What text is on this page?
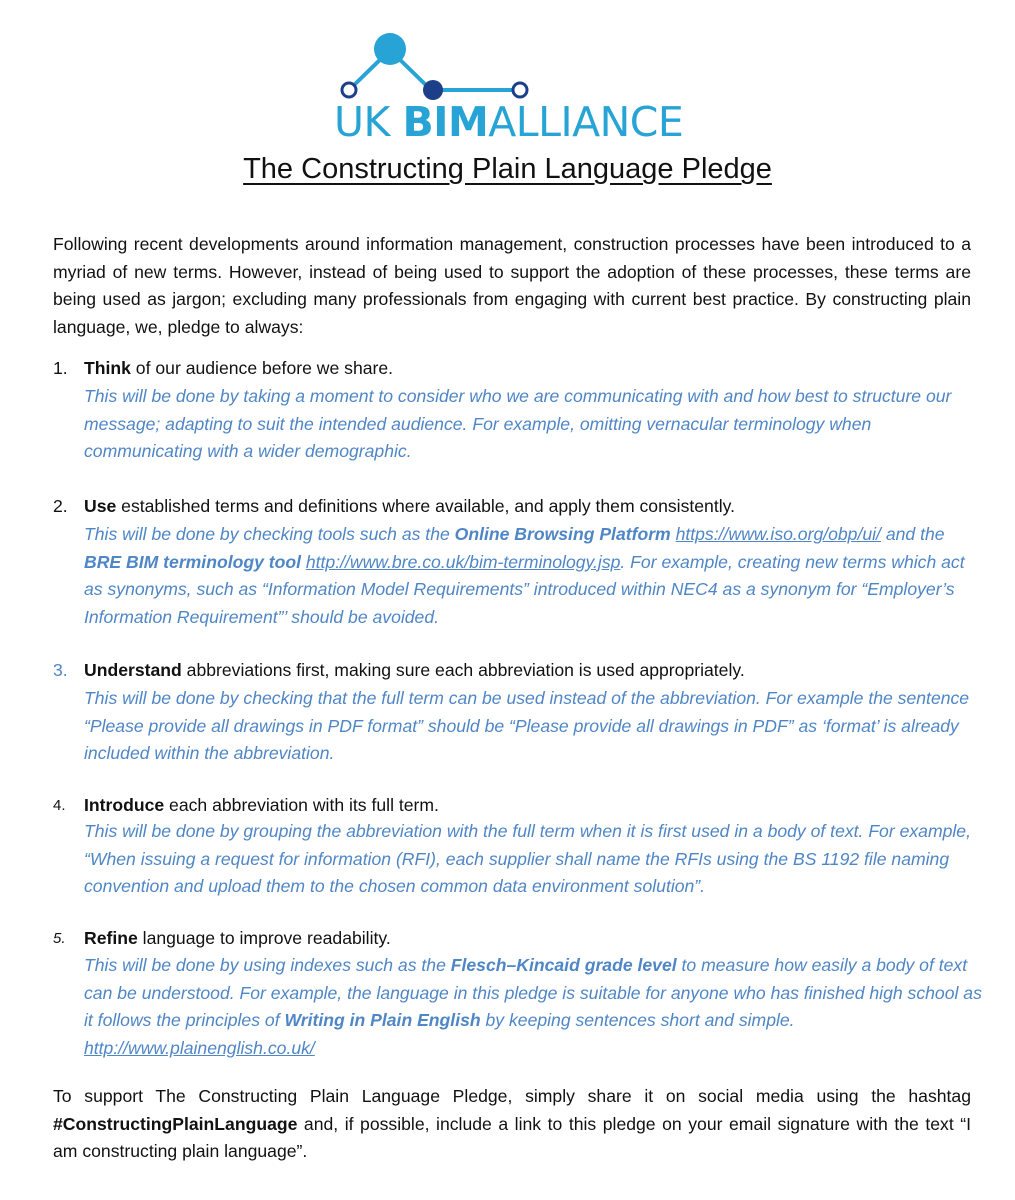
UK BIMALLIANCE
The Constructing Plain Language Pledge
Following recent developments around information management, construction processes have been introduced to a myriad of new terms. However, instead of being used to support the adoption of these processes, these terms are being used as jargon; excluding many professionals from engaging with current best practice. By constructing plain language, we, pledge to always:
1. Think of our audience before we share.
This will be done by taking a moment to consider who we are communicating with and how best to structure our message; adapting to suit the intended audience. For example, omitting vernacular terminology when communicating with a wider demographic.
2. Use established terms and definitions where available, and apply them consistently.
This will be done by checking tools such as the Online Browsing Platform https://www.iso.org/obp/ui/ and the BRE BIM terminology tool http://www.bre.co.uk/bim-terminology.jsp. For example, creating new terms which act as synonyms, such as “Information Model Requirements” introduced within NEC4 as a synonym for “Employer’s Information Requirement”’ should be avoided.
3. Understand abbreviations first, making sure each abbreviation is used appropriately.
This will be done by checking that the full term can be used instead of the abbreviation. For example the sentence “Please provide all drawings in PDF format” should be “Please provide all drawings in PDF” as ‘format’ is already included within the abbreviation.
4. Introduce each abbreviation with its full term.
This will be done by grouping the abbreviation with the full term when it is first used in a body of text. For example, “When issuing a request for information (RFI), each supplier shall name the RFIs using the BS 1192 file naming convention and upload them to the chosen common data environment solution”.
5. Refine language to improve readability.
This will be done by using indexes such as the Flesch–Kincaid grade level to measure how easily a body of text can be understood. For example, the language in this pledge is suitable for anyone who has finished high school as it follows the principles of Writing in Plain English by keeping sentences short and simple. http://www.plainenglish.co.uk/
To support The Constructing Plain Language Pledge, simply share it on social media using the hashtag #ConstructingPlainLanguage and, if possible, include a link to this pledge on your email signature with the text “I am constructing plain language”.
